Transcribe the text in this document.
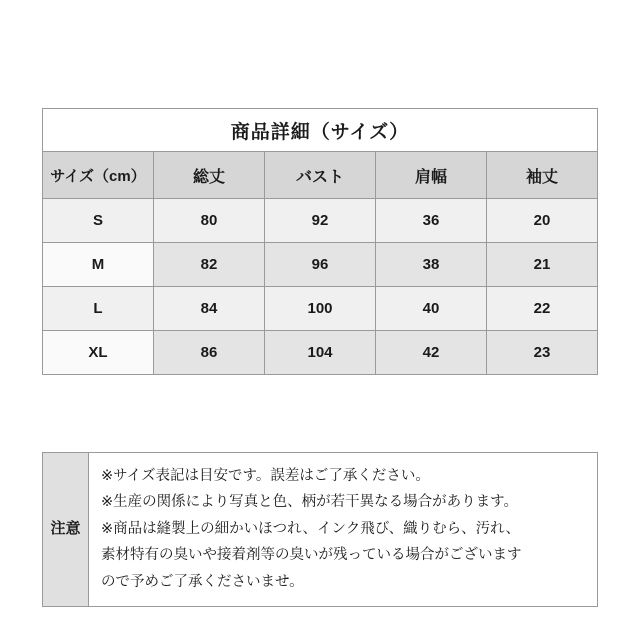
商品詳細（サイズ）				
サイズ（cm）	総丈	バスト	肩幅	袖丈
S	80	92	36	20
M	82	96	38	21
L	84	100	40	22
XL	86	104	42	23
注意

※サイズ表記は目安です。誤差はご了承ください。

※生産の関係により写真と色、柄が若干異なる場合があります。

※商品は縫製上の細かいほつれ、インク飛び、織りむら、汚れ、

素材特有の臭いや接着剤等の臭いが残っている場合がございます

ので予めご了承くださいませ。
